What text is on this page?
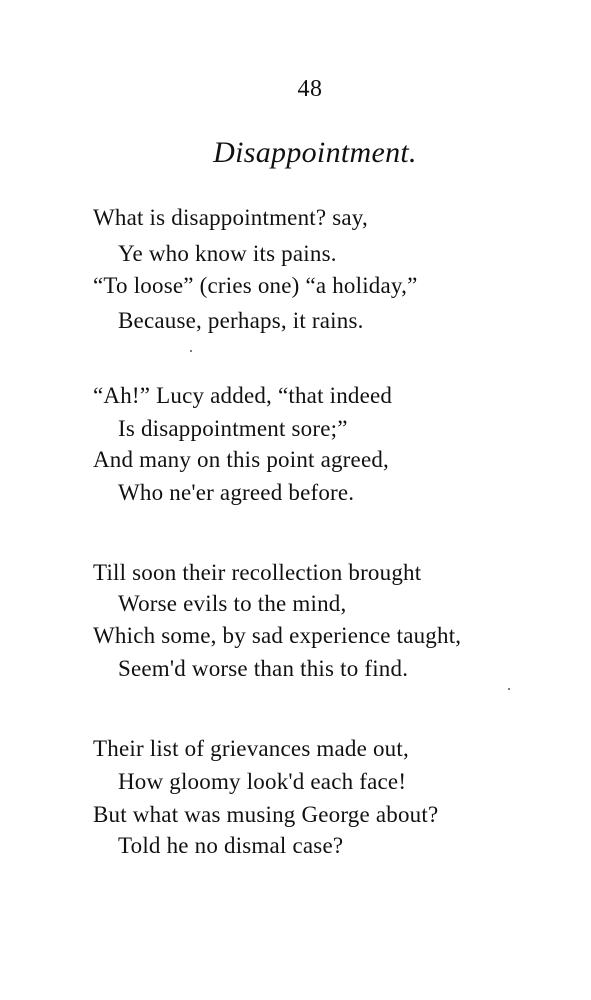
48
Disappointment.
What is disappointment? say,
Ye who know its pains.
“To loose” (cries one) “a holiday,”
Because, perhaps, it rains.
“Ah!” Lucy added, “that indeed
Is disappointment sore;”
And many on this point agreed,
Who ne'er agreed before.
Till soon their recollection brought
Worse evils to the mind,
Which some, by sad experience taught,
Seem'd worse than this to find.
Their list of grievances made out,
How gloomy look'd each face!
But what was musing George about?
Told he no dismal case?
